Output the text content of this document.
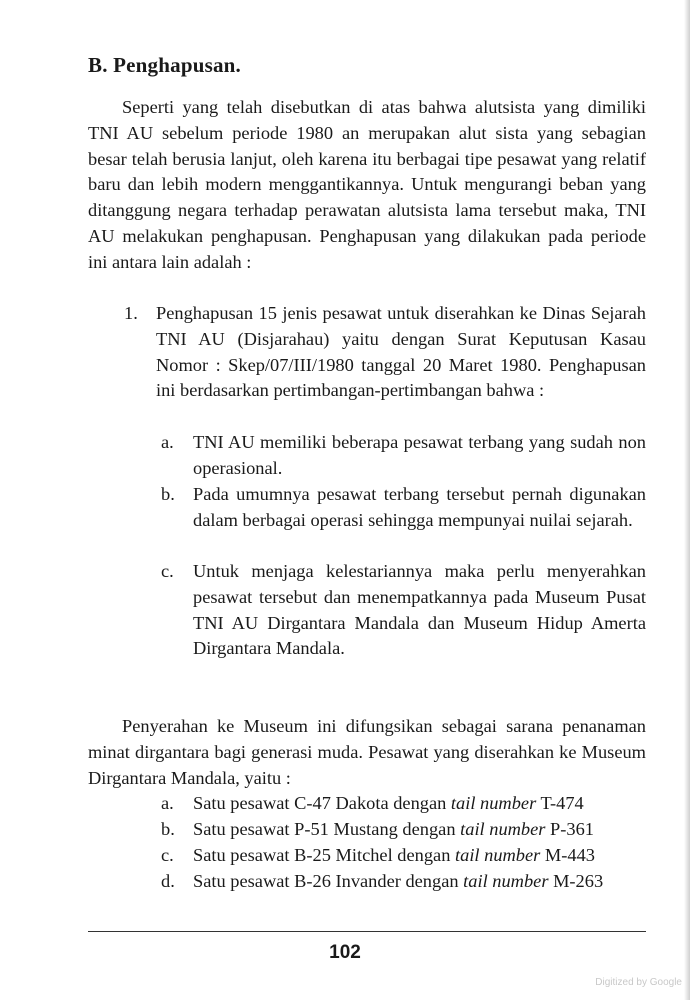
B. Penghapusan.

Seperti yang telah disebutkan di atas bahwa alutsista yang dimiliki TNI AU sebelum periode 1980 an merupakan alut sista yang sebagian besar telah berusia lanjut, oleh karena itu berbagai tipe pesawat yang relatif baru dan lebih modern menggantikannya. Untuk mengurangi beban yang ditanggung negara terhadap perawatan alutsista lama tersebut maka, TNI AU melakukan penghapusan. Penghapusan yang dilakukan pada periode ini antara lain adalah :

1. Penghapusan 15 jenis pesawat untuk diserahkan ke Dinas Sejarah TNI AU (Disjarahau) yaitu dengan Surat Keputusan Kasau Nomor : Skep/07/III/1980 tanggal 20 Maret 1980. Penghapusan ini berdasarkan pertimbangan-pertimbangan bahwa :

a. TNI AU memiliki beberapa pesawat terbang yang sudah non operasional.

b. Pada umumnya pesawat terbang tersebut pernah digunakan dalam berbagai operasi sehingga mempunyai nuilai sejarah.

c. Untuk menjaga kelestariannya maka perlu menyerahkan pesawat tersebut dan menempatkannya pada Museum Pusat TNI AU Dirgantara Mandala dan Museum Hidup Amerta Dirgantara Mandala.

Penyerahan ke Museum ini difungsikan sebagai sarana penanaman minat dirgantara bagi generasi muda. Pesawat yang diserahkan ke Museum Dirgantara Mandala, yaitu :

a. Satu pesawat C-47 Dakota dengan tail number T-474

b. Satu pesawat P-51 Mustang dengan tail number P-361

c. Satu pesawat B-25 Mitchel dengan tail number M-443

d. Satu pesawat B-26 Invander dengan tail number M-263

102
Digitized by Google
